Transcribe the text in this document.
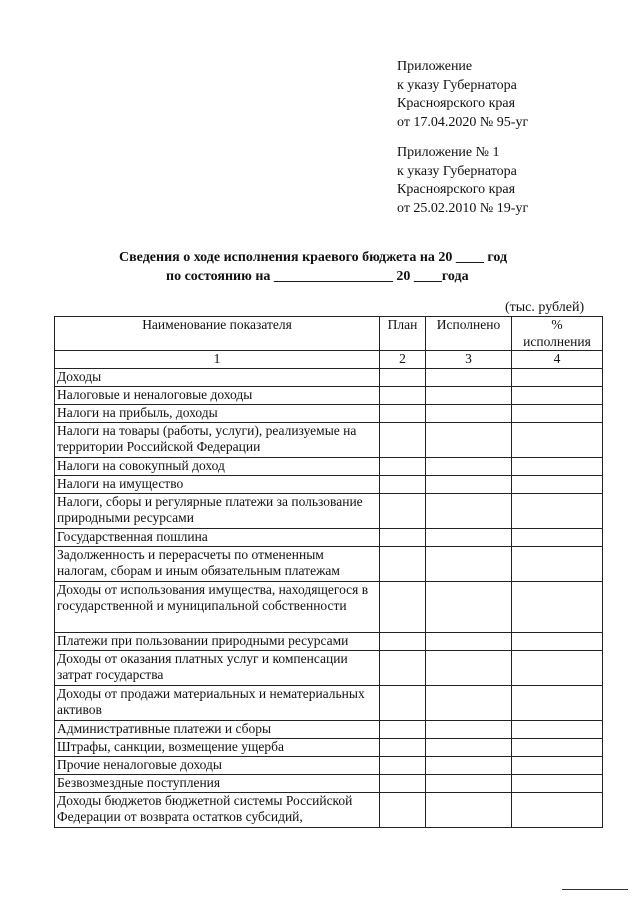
Приложение
к указу Губернатора
Красноярского края
от 17.04.2020 № 95-уг
Приложение № 1
к указу Губернатора
Красноярского края
от 25.02.2010 № 19-уг
Сведения о ходе исполнения краевого бюджета на 20 ____ год
по состоянию на _________________ 20 ____года
(тыс. рублей)
Наименование показателя	План	Исполнено	%
исполнения
1	2	3	4
Доходы			
Налоговые и неналоговые доходы			
Налоги на прибыль, доходы			
Налоги на товары (работы, услуги), реализуемые на территории Российской Федерации			
Налоги на совокупный доход			
Налоги на имущество			
Налоги, сборы и регулярные платежи за пользование природными ресурсами			
Государственная пошлина			
Задолженность и перерасчеты по отмененным налогам, сборам и иным обязательным платежам			
Доходы от использования имущества, находящегося в государственной и муниципальной собственности			
Платежи при пользовании природными ресурсами			
Доходы от оказания платных услуг и компенсации затрат государства			
Доходы от продажи материальных и нематериальных активов			
Административные платежи и сборы			
Штрафы, санкции, возмещение ущерба			
Прочие неналоговые доходы			
Безвозмездные поступления			
Доходы бюджетов бюджетной системы Российской Федерации от возврата остатков субсидий,			
